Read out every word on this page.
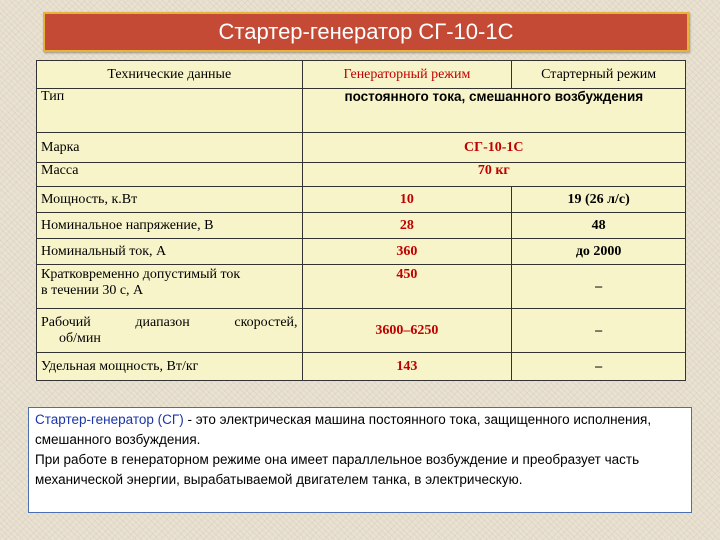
Стартер-генератор СГ-10-1С
Технические данные	Генераторный режим	Стартерный режим
Тип	постоянного тока, смешанного возбуждения	
Марка	СГ-10-1С	
Масса	70 кг	
Мощность, к.Вт	10	19 (26 л/с)
Номинальное напряжение, В	28	48
Номинальный ток, А	360	до 2000

Кратковременно допустимый ток
в течении 30 с, А	450	–

Рабочий диапазон скоростей,
об/мин	3600–6250	–
Удельная мощность, Вт/кг	143	–

Стартер-генератор (СГ) - это электрическая машина постоянного тока, защищенного исполнения, смешанного возбуждения.

При работе в генераторном режиме она имеет параллельное возбуждение и преобразует часть механической энергии, вырабатываемой двигателем танка, в электрическую.
